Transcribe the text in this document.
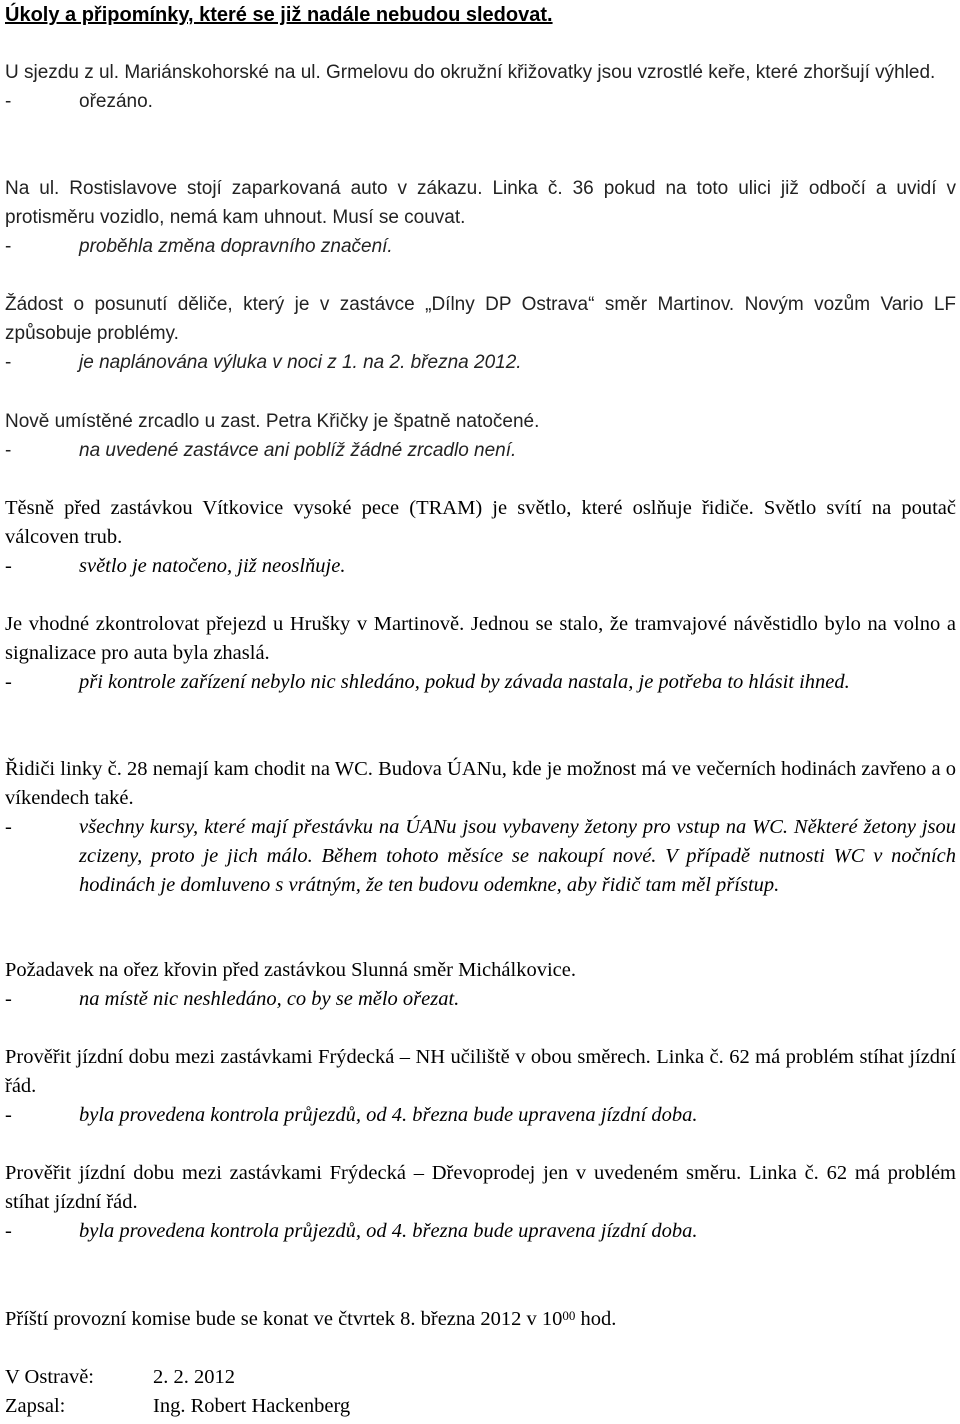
Úkoly a připomínky, které se již nadále nebudou sledovat.

U sjezdu z ul. Mariánskohorské na ul. Grmelovu do okružní křižovatky jsou vzrostlé keře, které zhoršují výhled.

-	ořezáno.

Na ul. Rostislavove stojí zaparkovaná auto v zákazu. Linka č. 36 pokud na toto ulici již odbočí a uvidí v protisměru vozidlo, nemá kam uhnout. Musí se couvat.

-	proběhla změna dopravního značení.

Žádost o posunutí děliče, který je v zastávce „Dílny DP Ostrava“ směr Martinov. Novým vozům Vario LF způsobuje problémy.

-	je naplánována výluka v noci z 1. na 2. března 2012.

Nově umístěné zrcadlo u zast. Petra Křičky je špatně natočené.

-	na uvedené zastávce ani poblíž žádné zrcadlo není.

Těsně před zastávkou Vítkovice vysoké pece (TRAM) je světlo, které oslňuje řidiče. Světlo svítí na poutač válcoven trub.

-	světlo je natočeno, již neoslňuje.

Je vhodné zkontrolovat přejezd u Hrušky v Martinově. Jednou se stalo, že tramvajové návěstidlo bylo na volno a signalizace pro auta byla zhaslá.

-	při kontrole zařízení nebylo nic shledáno, pokud by závada nastala, je potřeba to hlásit ihned.

Řidiči linky č. 28 nemají kam chodit na WC. Budova ÚANu, kde je možnost má ve večerních hodinách zavřeno a o víkendech také.

-	všechny kursy, které mají přestávku na ÚANu jsou vybaveny žetony pro vstup na WC. Některé žetony jsou zcizeny, proto je jich málo. Během tohoto měsíce se nakoupí nové. V případě nutnosti WC v nočních hodinách je domluveno s vrátným, že ten budovu odemkne, aby řidič tam měl přístup.

Požadavek na ořez křovin před zastávkou Slunná směr Michálkovice.

-	na místě nic neshledáno, co by se mělo ořezat.

Prověřit jízdní dobu mezi zastávkami Frýdecká – NH učiliště v obou směrech. Linka č. 62 má problém stíhat jízdní řád.

-	byla provedena kontrola průjezdů, od 4. března bude upravena jízdní doba.

Prověřit jízdní dobu mezi zastávkami Frýdecká – Dřevoprodej jen v uvedeném směru. Linka č. 62 má problém stíhat jízdní řád.

-	byla provedena kontrola průjezdů, od 4. března bude upravena jízdní doba.
Příští provozní komise bude se konat ve čtvrtek 8. března 2012 v $10^{00}$ hod.
V Ostravě:	2. 2. 2012
Zapsal:	Ing. Robert Hackenberg
